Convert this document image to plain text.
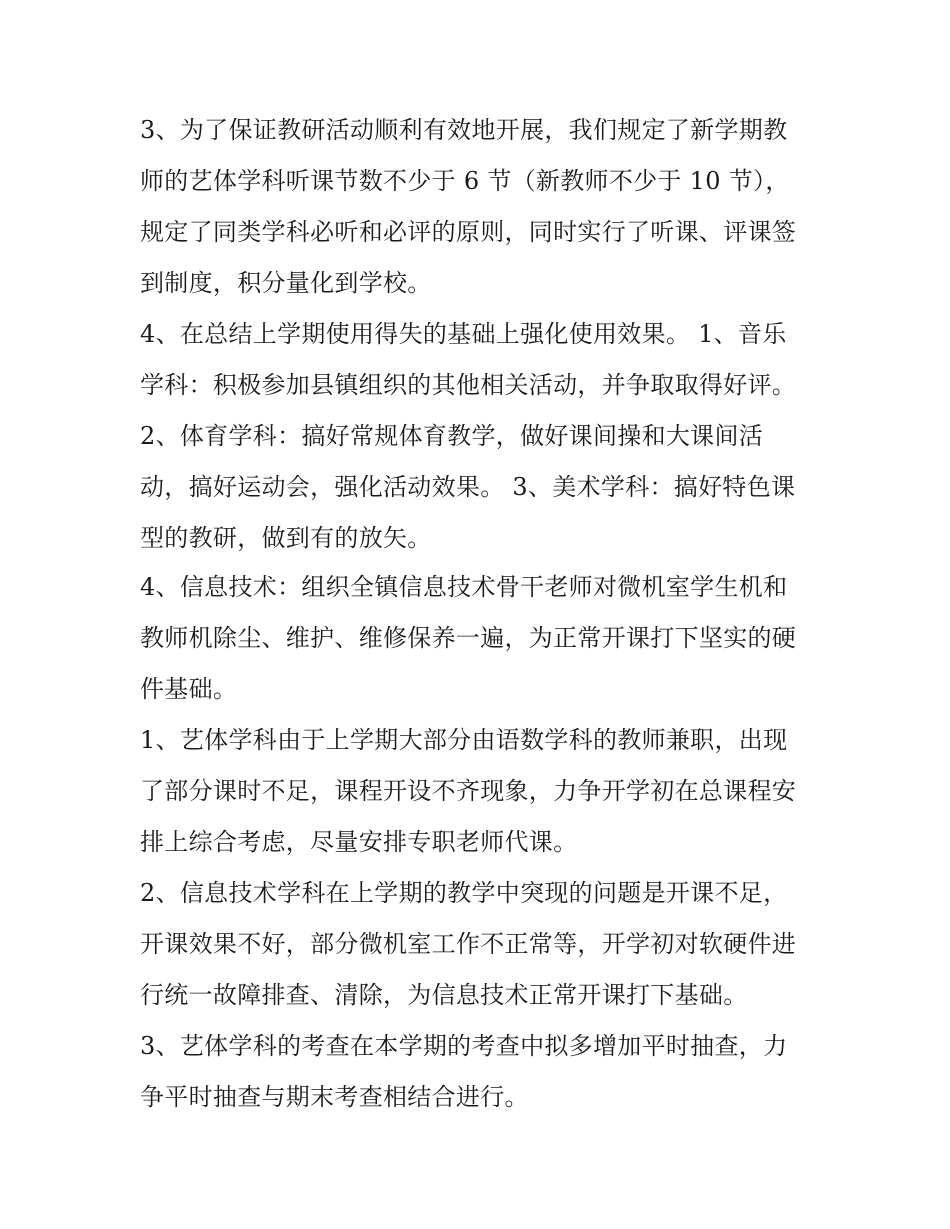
3、为了保证教研活动顺利有效地开展，我们规定了新学期教
师的艺体学科听课节数不少于 6 节（新教师不少于 10 节），
规定了同类学科必听和必评的原则，同时实行了听课、评课签
到制度，积分量化到学校。
4、在总结上学期使用得失的基础上强化使用效果。 1、音乐
学科：积极参加县镇组织的其他相关活动，并争取取得好评。
2、体育学科：搞好常规体育教学，做好课间操和大课间活
动，搞好运动会，强化活动效果。 3、美术学科：搞好特色课
型的教研，做到有的放矢。
4、信息技术：组织全镇信息技术骨干老师对微机室学生机和
教师机除尘、维护、维修保养一遍，为正常开课打下坚实的硬
件基础。
1、艺体学科由于上学期大部分由语数学科的教师兼职，出现
了部分课时不足，课程开设不齐现象，力争开学初在总课程安
排上综合考虑，尽量安排专职老师代课。
2、信息技术学科在上学期的教学中突现的问题是开课不足，
开课效果不好，部分微机室工作不正常等，开学初对软硬件进
行统一故障排查、清除，为信息技术正常开课打下基础。
3、艺体学科的考查在本学期的考查中拟多增加平时抽查，力
争平时抽查与期末考查相结合进行。
